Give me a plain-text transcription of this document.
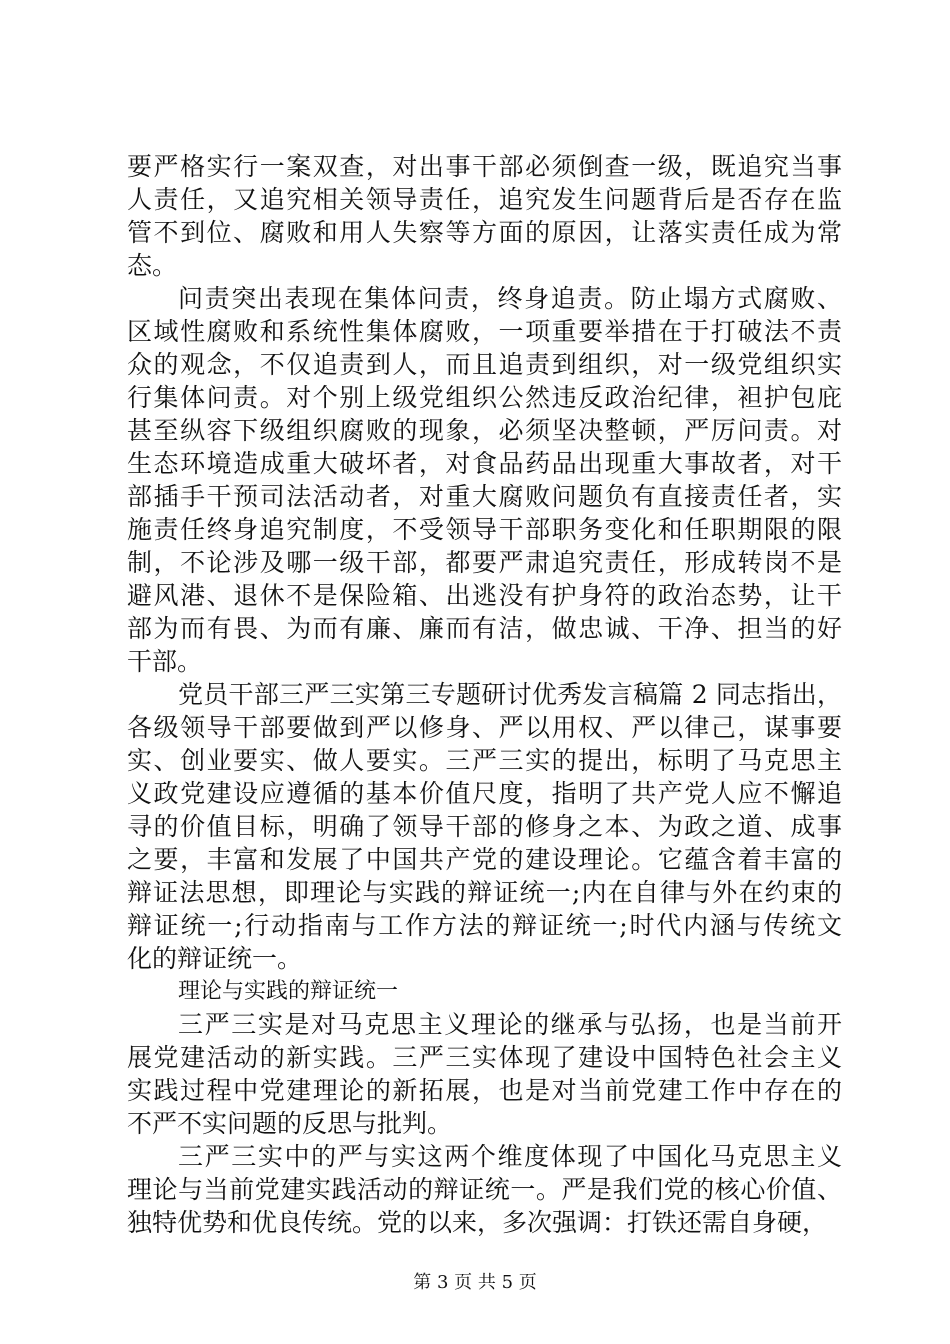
要严格实行一案双查，对出事干部必须倒查一级，既追究当事
人责任，又追究相关领导责任，追究发生问题背后是否存在监
管不到位、腐败和用人失察等方面的原因，让落实责任成为常
态。
问责突出表现在集体问责，终身追责。防止塌方式腐败、
区域性腐败和系统性集体腐败，一项重要举措在于打破法不责
众的观念，不仅追责到人，而且追责到组织，对一级党组织实
行集体问责。对个别上级党组织公然违反政治纪律，袒护包庇
甚至纵容下级组织腐败的现象，必须坚决整顿，严厉问责。对
生态环境造成重大破坏者，对食品药品出现重大事故者，对干
部插手干预司法活动者，对重大腐败问题负有直接责任者，实
施责任终身追究制度，不受领导干部职务变化和任职期限的限
制，不论涉及哪一级干部，都要严肃追究责任，形成转岗不是
避风港、退休不是保险箱、出逃没有护身符的政治态势，让干
部为而有畏、为而有廉、廉而有洁，做忠诚、干净、担当的好
干部。
党员干部三严三实第三专题研讨优秀发言稿篇 2 同志指出，
各级领导干部要做到严以修身、严以用权、严以律己，谋事要
实、创业要实、做人要实。三严三实的提出，标明了马克思主
义政党建设应遵循的基本价值尺度，指明了共产党人应不懈追
寻的价值目标，明确了领导干部的修身之本、为政之道、成事
之要，丰富和发展了中国共产党的建设理论。它蕴含着丰富的
辩证法思想，即理论与实践的辩证统一;内在自律与外在约束的
辩证统一;行动指南与工作方法的辩证统一;时代内涵与传统文
化的辩证统一。
理论与实践的辩证统一
三严三实是对马克思主义理论的继承与弘扬，也是当前开
展党建活动的新实践。三严三实体现了建设中国特色社会主义
实践过程中党建理论的新拓展，也是对当前党建工作中存在的
不严不实问题的反思与批判。
三严三实中的严与实这两个维度体现了中国化马克思主义
理论与当前党建实践活动的辩证统一。严是我们党的核心价值、
独特优势和优良传统。党的以来，多次强调：打铁还需自身硬，
第 3 页 共 5 页
